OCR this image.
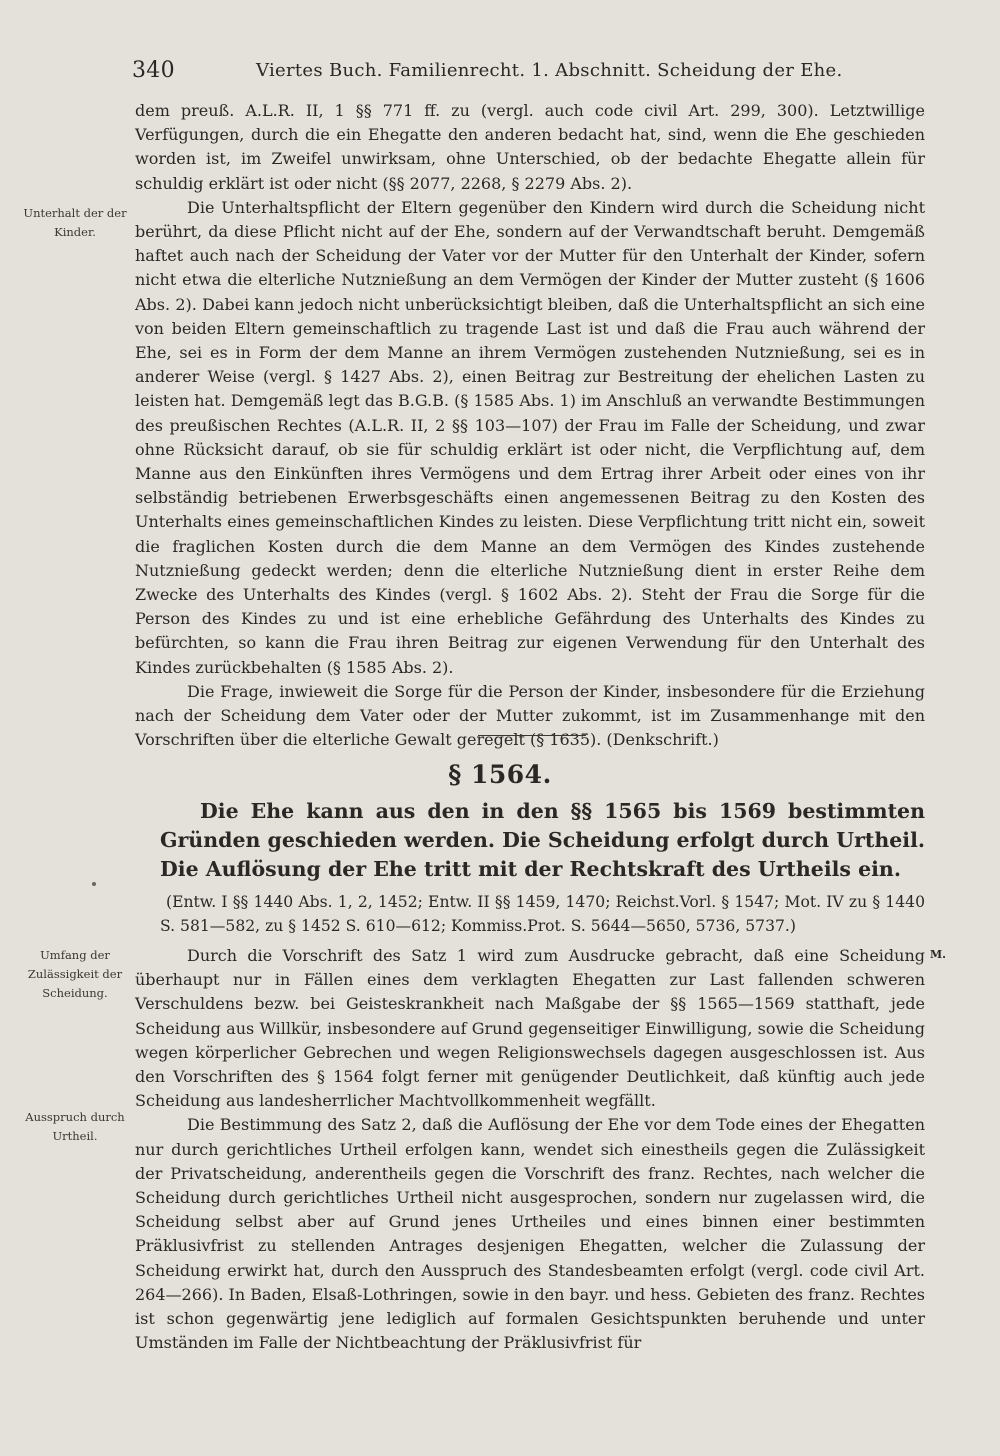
340	Viertes Buch. Familienrecht. 1. Abschnitt. Scheidung der Ehe.
Unterhalt der der Kinder.

dem preuß. A.L.R. II, 1 §§ 771 ff. zu (vergl. auch code civil Art. 299, 300). Letztwillige Verfügungen, durch die ein Ehegatte den anderen bedacht hat, sind, wenn die Ehe geschieden worden ist, im Zweifel unwirksam, ohne Unterschied, ob der bedachte Ehegatte allein für schuldig erklärt ist oder nicht (§§ 2077, 2268, § 2279 Abs. 2).

Die Unterhaltspflicht der Eltern gegenüber den Kindern wird durch die Scheidung nicht berührt, da diese Pflicht nicht auf der Ehe, sondern auf der Verwandtschaft beruht. Demgemäß haftet auch nach der Scheidung der Vater vor der Mutter für den Unterhalt der Kinder, sofern nicht etwa die elterliche Nutznießung an dem Vermögen der Kinder der Mutter zusteht (§ 1606 Abs. 2). Dabei kann jedoch nicht unberücksichtigt bleiben, daß die Unterhaltspflicht an sich eine von beiden Eltern gemeinschaftlich zu tragende Last ist und daß die Frau auch während der Ehe, sei es in Form der dem Manne an ihrem Vermögen zustehenden Nutznießung, sei es in anderer Weise (vergl. § 1427 Abs. 2), einen Beitrag zur Bestreitung der ehelichen Lasten zu leisten hat. Demgemäß legt das B.G.B. (§ 1585 Abs. 1) im Anschluß an verwandte Bestimmungen des preußischen Rechtes (A.L.R. II, 2 §§ 103—107) der Frau im Falle der Scheidung, und zwar ohne Rücksicht darauf, ob sie für schuldig erklärt ist oder nicht, die Verpflichtung auf, dem Manne aus den Einkünften ihres Vermögens und dem Ertrag ihrer Arbeit oder eines von ihr selbständig betriebenen Erwerbsgeschäfts einen angemessenen Beitrag zu den Kosten des Unterhalts eines gemeinschaftlichen Kindes zu leisten. Diese Verpflichtung tritt nicht ein, soweit die fraglichen Kosten durch die dem Manne an dem Vermögen des Kindes zustehende Nutznießung gedeckt werden; denn die elterliche Nutznießung dient in erster Reihe dem Zwecke des Unterhalts des Kindes (vergl. § 1602 Abs. 2). Steht der Frau die Sorge für die Person des Kindes zu und ist eine erhebliche Gefährdung des Unterhalts des Kindes zu befürchten, so kann die Frau ihren Beitrag zur eigenen Verwendung für den Unterhalt des Kindes zurückbehalten (§ 1585 Abs. 2).

Die Frage, inwieweit die Sorge für die Person der Kinder, insbesondere für die Erziehung nach der Scheidung dem Vater oder der Mutter zukommt, ist im Zusammenhange mit den Vorschriften über die elterliche Gewalt geregelt (§ 1635). (Denkschrift.)

§ 1564.
Die Ehe kann aus den in den §§ 1565 bis 1569 bestimmten Gründen geschieden werden. Die Scheidung erfolgt durch Urtheil. Die Auflösung der Ehe tritt mit der Rechtskraft des Urtheils ein.
(Entw. I §§ 1440 Abs. 1, 2, 1452; Entw. II §§ 1459, 1470; Reichst.Vorl. § 1547; Mot. IV zu § 1440 S. 581—582, zu § 1452 S. 610—612; Kommiss.Prot. S. 5644—5650, 5736, 5737.)
Umfang der Zulässigkeit der Scheidung.
Ausspruch durch Urtheil.
M.

Durch die Vorschrift des Satz 1 wird zum Ausdrucke gebracht, daß eine Scheidung überhaupt nur in Fällen eines dem verklagten Ehegatten zur Last fallenden schweren Verschuldens bezw. bei Geisteskrankheit nach Maßgabe der §§ 1565—1569 statthaft, jede Scheidung aus Willkür, insbesondere auf Grund gegenseitiger Einwilligung, sowie die Scheidung wegen körperlicher Gebrechen und wegen Religionswechsels dagegen ausgeschlossen ist. Aus den Vorschriften des § 1564 folgt ferner mit genügender Deutlichkeit, daß künftig auch jede Scheidung aus landesherrlicher Machtvollkommenheit wegfällt.

Die Bestimmung des Satz 2, daß die Auflösung der Ehe vor dem Tode eines der Ehegatten nur durch gerichtliches Urtheil erfolgen kann, wendet sich einestheils gegen die Zulässigkeit der Privatscheidung, anderentheils gegen die Vorschrift des franz. Rechtes, nach welcher die Scheidung durch gerichtliches Urtheil nicht ausgesprochen, sondern nur zugelassen wird, die Scheidung selbst aber auf Grund jenes Urtheiles und eines binnen einer bestimmten Präklusivfrist zu stellenden Antrages desjenigen Ehegatten, welcher die Zulassung der Scheidung erwirkt hat, durch den Ausspruch des Standesbeamten erfolgt (vergl. code civil Art. 264—266). In Baden, Elsaß-Lothringen, sowie in den bayr. und hess. Gebieten des franz. Rechtes ist schon gegenwärtig jene lediglich auf formalen Gesichtspunkten beruhende und unter Umständen im Falle der Nichtbeachtung der Präklusivfrist für
